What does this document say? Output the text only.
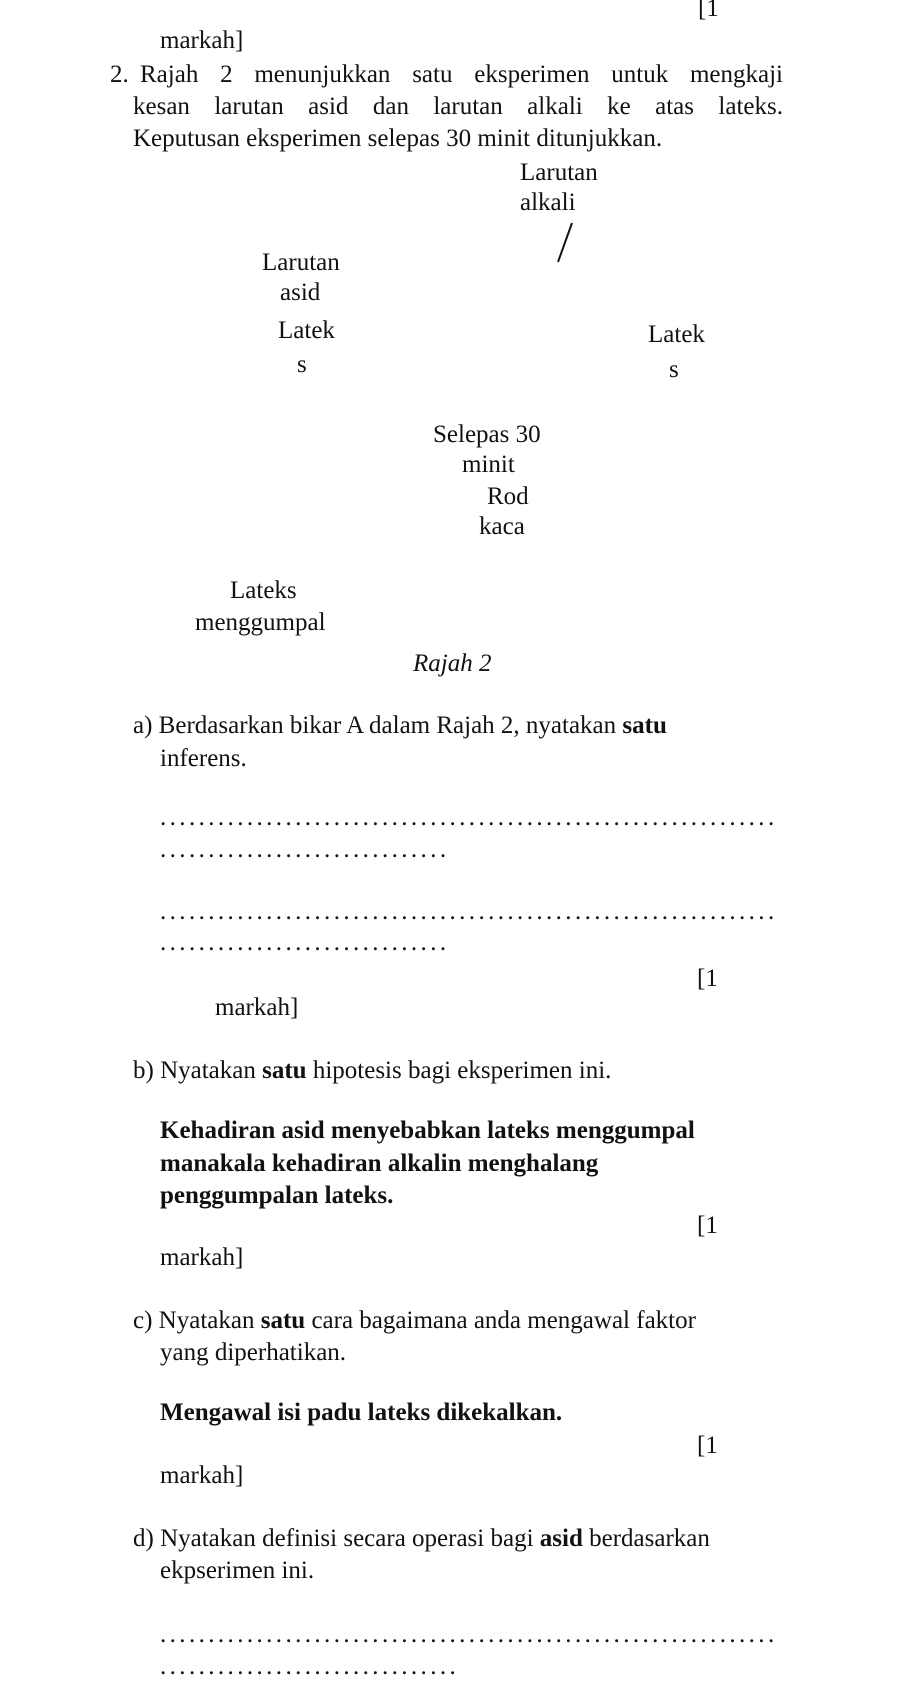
[1
markah]
2. Rajah 2 menunjukkan satu eksperimen untuk mengkaji
kesan larutan asid dan larutan alkali ke atas lateks.
Keputusan eksperimen selepas 30 minit ditunjukkan.
Larutan
alkali
Larutan
asid
Latek
s
Latek
s
Selepas 30
minit
Rod
kaca
Lateks
menggumpal
Rajah 2
a) Berdasarkan bikar A dalam Rajah 2, nyatakan satu
inferens.
................................................................
..............................
................................................................
..............................
[1
markah]
b) Nyatakan satu hipotesis bagi eksperimen ini.
Kehadiran asid menyebabkan lateks menggumpal
manakala kehadiran alkalin menghalang
penggumpalan lateks.
[1
markah]
c) Nyatakan satu cara bagaimana anda mengawal faktor
yang diperhatikan.
Mengawal isi padu lateks dikekalkan.
[1
markah]
d) Nyatakan definisi secara operasi bagi asid berdasarkan
ekpserimen ini.
................................................................
...............................
